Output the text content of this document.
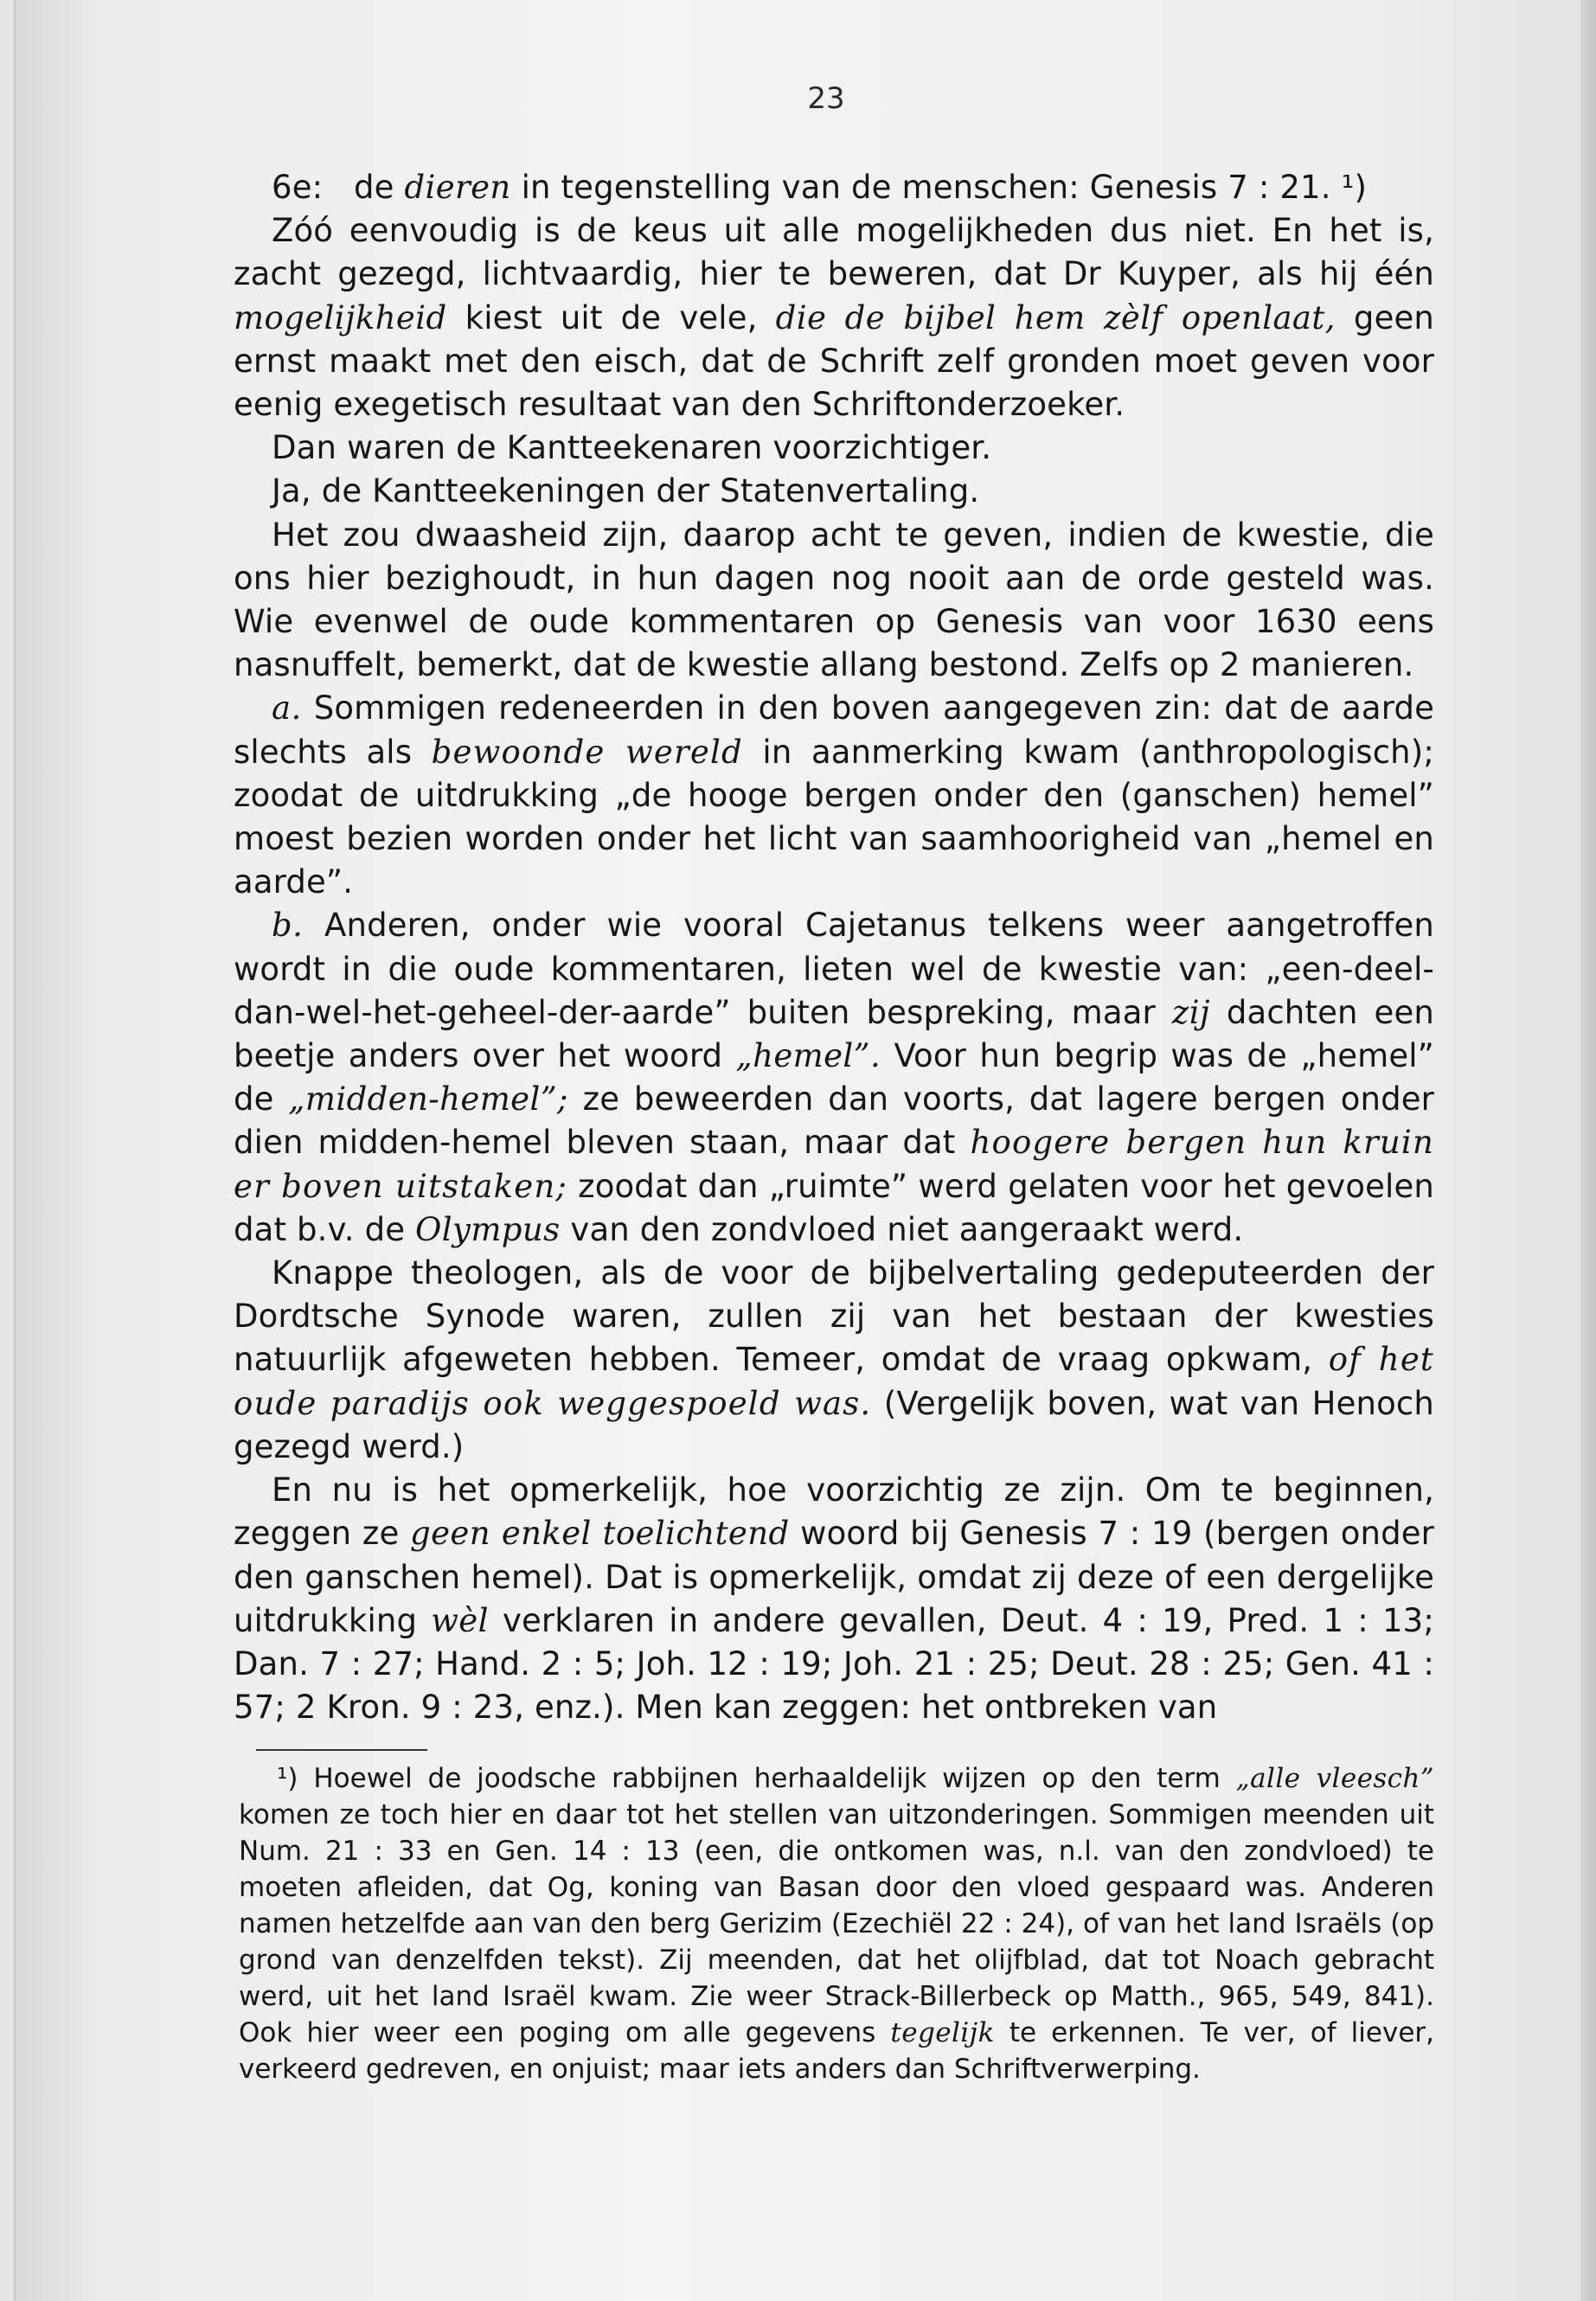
23

6e:   de dieren in tegenstelling van de menschen: Genesis 7 : 21. ¹)

Zóó eenvoudig is de keus uit alle mogelijkheden dus niet. En het is, zacht gezegd, lichtvaardig, hier te beweren, dat Dr Kuyper, als hij één mogelijkheid kiest uit de vele, die de bijbel hem zèlf openlaat, geen ernst maakt met den eisch, dat de Schrift zelf gronden moet geven voor eenig exegetisch resultaat van den Schriftonderzoeker.

Dan waren de Kantteekenaren voorzichtiger.

Ja, de Kantteekeningen der Statenvertaling.

Het zou dwaasheid zijn, daarop acht te geven, indien de kwestie, die ons hier bezighoudt, in hun dagen nog nooit aan de orde gesteld was. Wie evenwel de oude kommentaren op Genesis van voor 1630 eens nasnuffelt, bemerkt, dat de kwestie allang bestond. Zelfs op 2 manieren.

a. Sommigen redeneerden in den boven aangegeven zin: dat de aarde slechts als bewoonde wereld in aanmerking kwam (anthropologisch); zoodat de uitdrukking „de hooge bergen onder den (ganschen) hemel” moest bezien worden onder het licht van saamhoorigheid van „hemel en aarde”.

b. Anderen, onder wie vooral Cajetanus telkens weer aangetroffen wordt in die oude kommentaren, lieten wel de kwestie van: „een-deel-dan-wel-het-geheel-der-aarde” buiten bespreking, maar zij dachten een beetje anders over het woord „hemel”. Voor hun begrip was de „hemel” de „midden-hemel”; ze beweerden dan voorts, dat lagere bergen onder dien midden-hemel bleven staan, maar dat hoogere bergen hun kruin er boven uitstaken; zoodat dan „ruimte” werd gelaten voor het gevoelen dat b.v. de Olympus van den zondvloed niet aangeraakt werd.

Knappe theologen, als de voor de bijbelvertaling gedeputeerden der Dordtsche Synode waren, zullen zij van het bestaan der kwesties natuurlijk afgeweten hebben. Temeer, omdat de vraag opkwam, of het oude paradijs ook weggespoeld was. (Vergelijk boven, wat van Henoch gezegd werd.)

En nu is het opmerkelijk, hoe voorzichtig ze zijn. Om te beginnen, zeggen ze geen enkel toelichtend woord bij Genesis 7 : 19 (bergen onder den ganschen hemel). Dat is opmerkelijk, omdat zij deze of een dergelijke uitdrukking wèl verklaren in andere gevallen, Deut. 4 : 19, Pred. 1 : 13; Dan. 7 : 27; Hand. 2 : 5; Joh. 12 : 19; Joh. 21 : 25; Deut. 28 : 25; Gen. 41 : 57; 2 Kron. 9 : 23, enz.). Men kan zeggen: het ontbreken van

¹) Hoewel de joodsche rabbijnen herhaaldelijk wijzen op den term „alle vleesch” komen ze toch hier en daar tot het stellen van uitzonderingen. Sommigen meenden uit Num. 21 : 33 en Gen. 14 : 13 (een, die ontkomen was, n.l. van den zondvloed) te moeten afleiden, dat Og, koning van Basan door den vloed gespaard was. Anderen namen hetzelfde aan van den berg Gerizim (Ezechiël 22 : 24), of van het land Israëls (op grond van denzelfden tekst). Zij meenden, dat het olijfblad, dat tot Noach gebracht werd, uit het land Israël kwam. Zie weer Strack-Billerbeck op Matth., 965, 549, 841). Ook hier weer een poging om alle gegevens tegelijk te erkennen. Te ver, of liever, verkeerd gedreven, en onjuist; maar iets anders dan Schriftverwerping.
